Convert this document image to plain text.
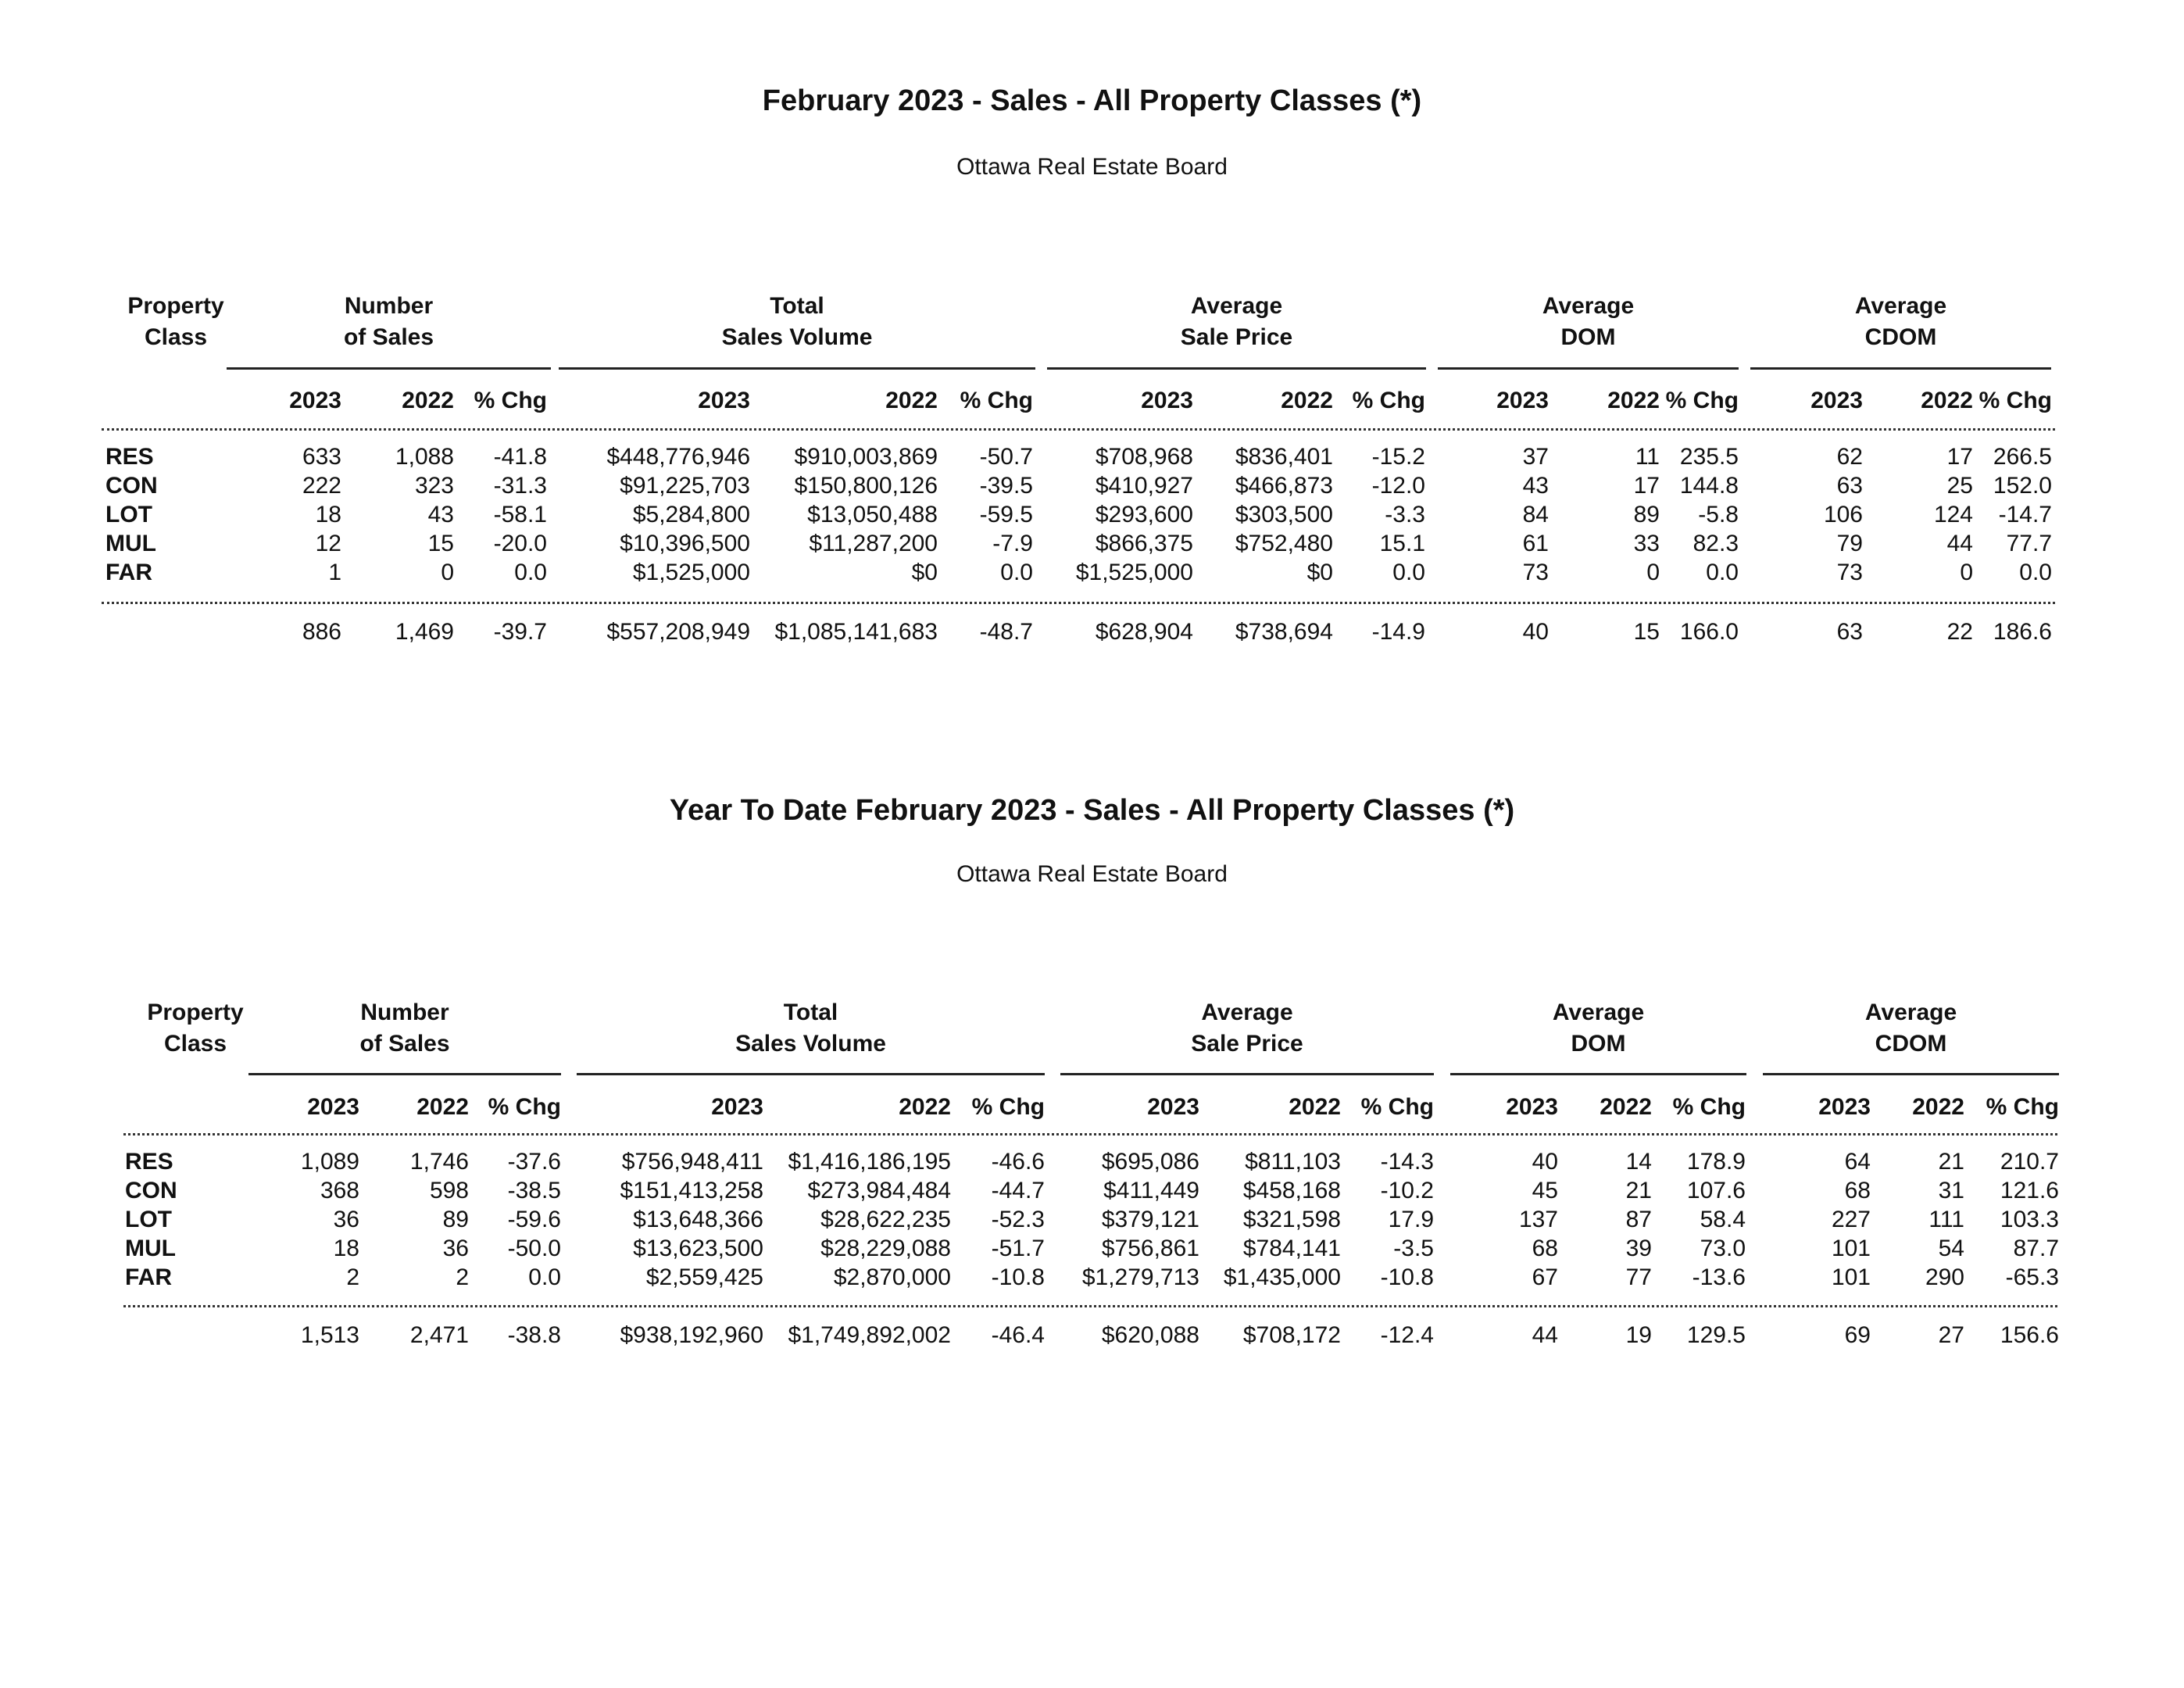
February 2023 - Sales - All Property Classes (*)
Ottawa Real Estate Board
Property
Class
Number
of Sales
Total
Sales Volume
Average
Sale Price
Average
DOM
Average
CDOM
2023	2022 % Chg	2023	2022 % Chg	2023	2022 % Chg	2023	2022 % Chg	2023	2022 % Chg
RES	633	1,088	-41.8	$448,776,946	$910,003,869	-50.7	$708,968	$836,401	-15.2	37	11 235.5	62	17 266.5
CON	222	323	-31.3	$91,225,703	$150,800,126	-39.5	$410,927	$466,873	-12.0	43	17 144.8	63	25 152.0
LOT	18	43	-58.1	$5,284,800	$13,050,488	-59.5	$293,600	$303,500	-3.3	84	89	-5.8	106	124	-14.7
MUL	12	15	-20.0	$10,396,500	$11,287,200	-7.9	$866,375	$752,480	15.1	61	33	82.3	79	44	77.7
FAR	1	0	0.0	$1,525,000	$0	0.0	$1,525,000	$0	0.0	73	0	0.0	73	0	0.0
886	1,469	-39.7	$557,208,949	$1,085,141,683	-48.7	$628,904	$738,694	-14.9	40	15 166.0	63	22 186.6
Year To Date February 2023 - Sales - All Property Classes (*)
Ottawa Real Estate Board
Property
Class
Number
of Sales
Total
Sales Volume
Average
Sale Price
Average
DOM
Average
CDOM
2023	2022 % Chg	2023	2022 % Chg	2023	2022 % Chg	2023	2022 % Chg	2023	2022 % Chg
RES	1,089	1,746	-37.6	$756,948,411	$1,416,186,195	-46.6	$695,086	$811,103	-14.3	40	14	178.9	64	21	210.7
CON	368	598	-38.5	$151,413,258	$273,984,484	-44.7	$411,449	$458,168	-10.2	45	21	107.6	68	31	121.6
LOT	36	89	-59.6	$13,648,366	$28,622,235	-52.3	$379,121	$321,598	17.9	137	87	58.4	227	111	103.3
MUL	18	36	-50.0	$13,623,500	$28,229,088	-51.7	$756,861	$784,141	-3.5	68	39	73.0	101	54	87.7
FAR	2	2	0.0	$2,559,425	$2,870,000	-10.8	$1,279,713	$1,435,000	-10.8	67	77	-13.6	101	290	-65.3
1,513	2,471	-38.8	$938,192,960	$1,749,892,002	-46.4	$620,088	$708,172	-12.4	44	19	129.5	69	27	156.6
